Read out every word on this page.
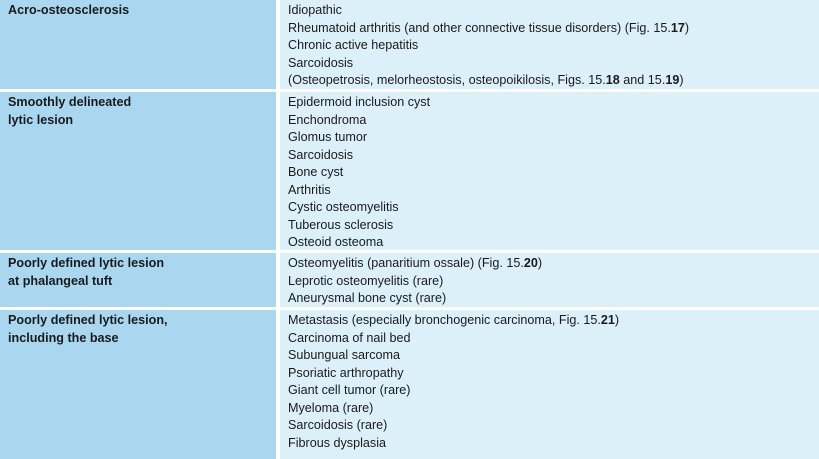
Acro-osteosclerosis	Idiopathic
Rheumatoid arthritis (and other connective tissue disorders) (Fig. 15.17)
Chronic active hepatitis
Sarcoidosis
(Osteopetrosis, melorheostosis, osteopoikilosis, Figs. 15.18 and 15.19)
Smoothly delineated
lytic lesion
Epidermoid inclusion cyst
Enchondroma
Glomus tumor
Sarcoidosis
Bone cyst
Arthritis
Cystic osteomyelitis
Tuberous sclerosis
Osteoid osteoma
Poorly defined lytic lesion
at phalangeal tuft
Osteomyelitis (panaritium ossale) (Fig. 15.20)
Leprotic osteomyelitis (rare)
Aneurysmal bone cyst (rare)
Poorly defined lytic lesion,
including the base
Metastasis (especially bronchogenic carcinoma, Fig. 15.21)
Carcinoma of nail bed
Subungual sarcoma
Psoriatic arthropathy
Giant cell tumor (rare)
Myeloma (rare)
Sarcoidosis (rare)
Fibrous dysplasia
